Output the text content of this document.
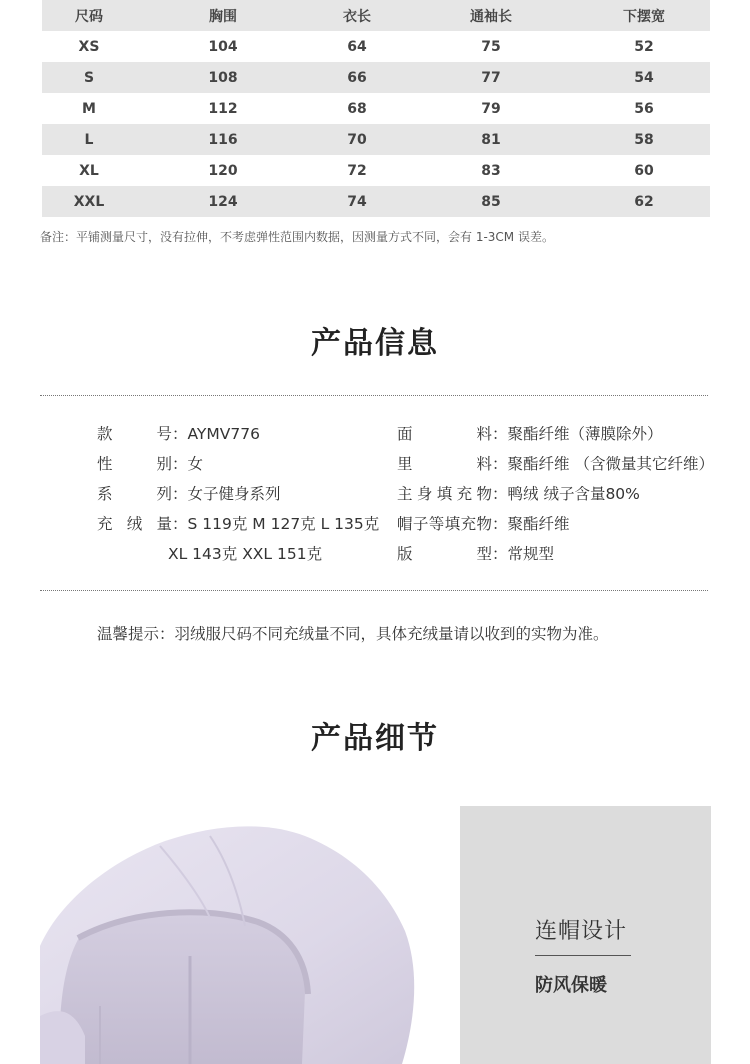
尺码	胸围	衣长	通袖长	下摆宽
XS	104	64	75	52
S	108	66	77	54
M	112	68	79	56
L	116	70	81	58
XL	120	72	83	60
XXL	124	74	85	62
备注：平铺测量尺寸，没有拉伸，不考虑弹性范围内数据，因测量方式不同，会有 1-3CM 误差。
产品信息
款号：AYMV776
性别：女
系列：女子健身系列
充绒量：S 119克 M 127克 L 135克
XL 143克 XXL 151克
面料：聚酯纤维（薄膜除外）
里料：聚酯纤维 （含微量其它纤维）
主身填充物：鸭绒 绒子含量80%
帽子等填充物：聚酯纤维
版型：常规型
温馨提示：羽绒服尺码不同充绒量不同，具体充绒量请以收到的实物为准。
产品细节
连帽设计
防风保暖
